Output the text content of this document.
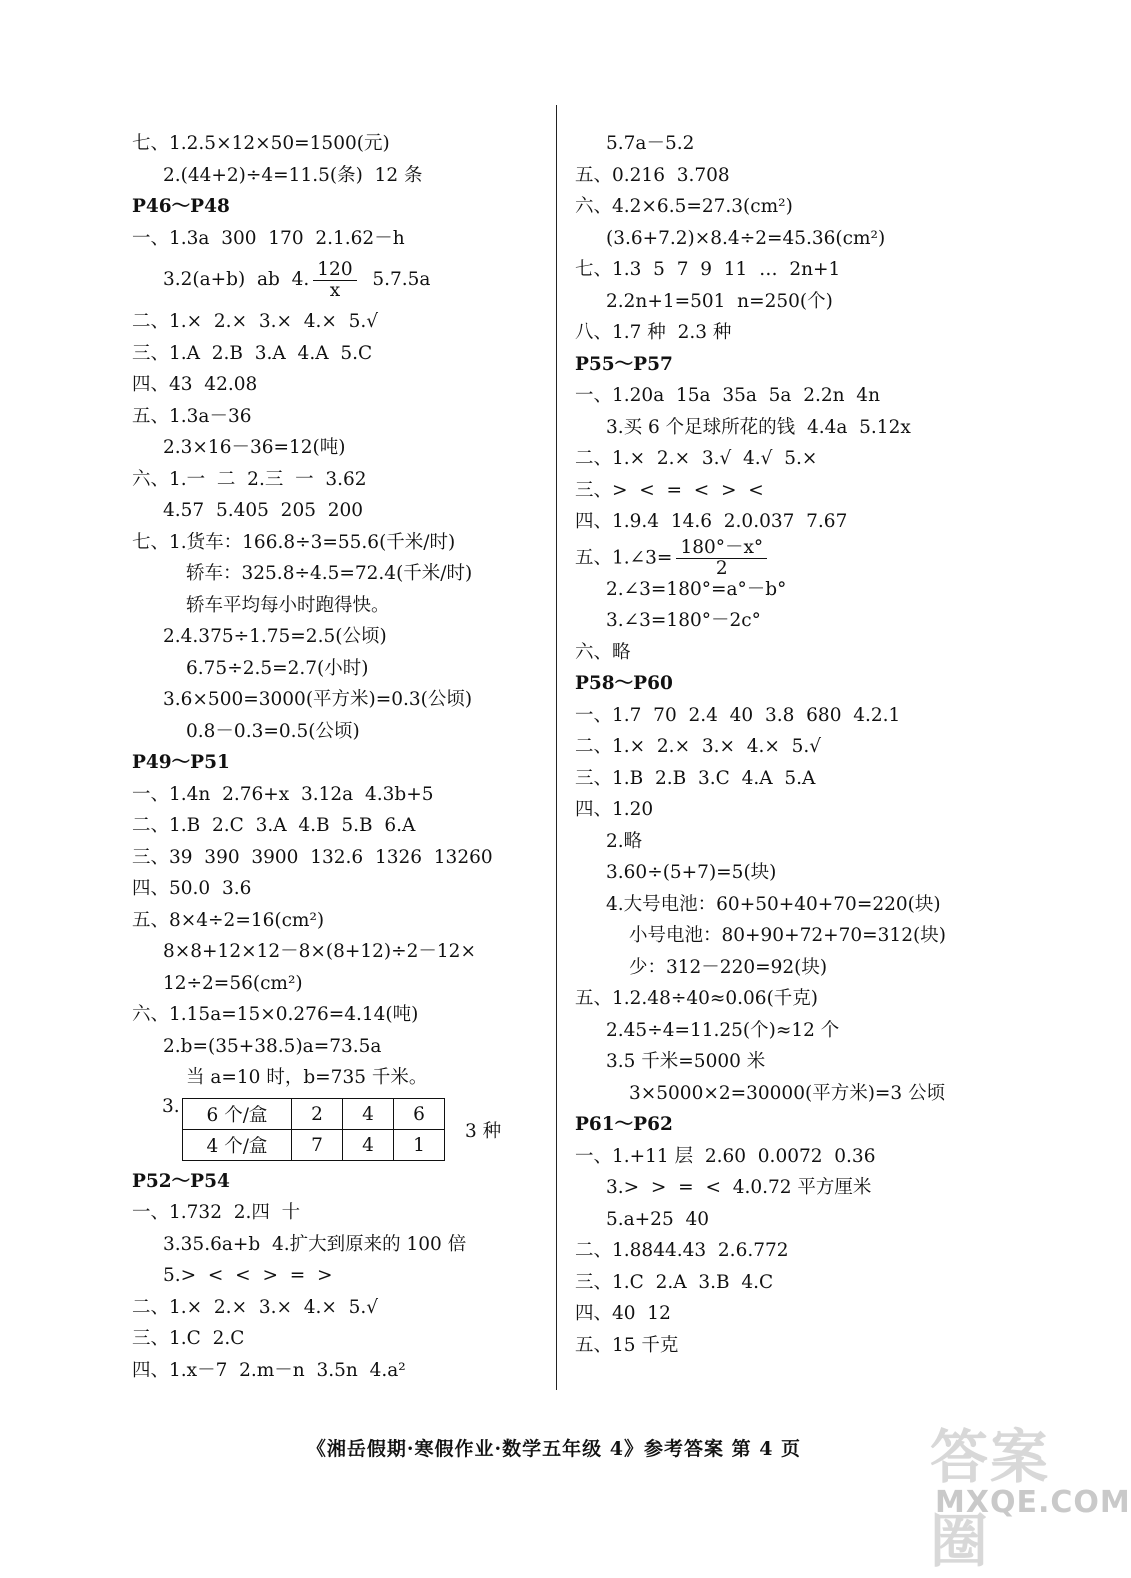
七、1.2.5×12×50=1500(元)
2.(44+2)÷4=11.5(条)  12 条
P46～P48
一、1.3a  300  170  2.1.62－h
3.2(a+b)  ab  4. $\frac{120}{x} 5.7.5a$
二、1.×  2.×  3.×  4.×  5.√
三、1.A  2.B  3.A  4.A  5.C
四、43  42.08
五、1.3a－36
2.3×16－36=12(吨)
六、1.一  二  2.三  一  3.62
4.57  5.405  205  200
七、1.货车：166.8÷3=55.6(千米/时)
轿车：325.8÷4.5=72.4(千米/时)
轿车平均每小时跑得快。
2.4.375÷1.75=2.5(公顷)
6.75÷2.5=2.7(小时)
3.6×500=3000(平方米)=0.3(公顷)
0.8－0.3=0.5(公顷)
P49～P51
一、1.4n  2.76+x  3.12a  4.3b+5
二、1.B  2.C  3.A  4.B  5.B  6.A
三、39  390  3900  132.6  1326  13260
四、50.0  3.6
五、8×4÷2=16(cm²)
8×8+12×12－8×(8+12)÷2－12×
12÷2=56(cm²)
六、1.15a=15×0.276=4.14(吨)
2.b=(35+38.5)a=73.5a
当 a=10 时，b=735 千米。
3. 6 个/盒	2	4	6
4 个/盒	7	4	1
3 种
P52～P54
一、1.732  2.四  十
3.35.6a+b  4.扩大到原来的 100 倍
5.>  <  <  >  =  >
二、1.×  2.×  3.×  4.×  5.√
三、1.C  2.C
四、1.x－7  2.m－n  3.5n  4.a²
5.7a－5.2
五、0.216  3.708
六、4.2×6.5=27.3(cm²)
(3.6+7.2)×8.4÷2=45.36(cm²)
七、1.3  5  7  9  11  …  2n+1
2.2n+1=501  n=250(个)
八、1.7 种  2.3 种
P55～P57
一、1.20a  15a  35a  5a  2.2n  4n
3.买 6 个足球所花的钱  4.4a  5.12x
二、1.×  2.×  3.√  4.√  5.×
三、>  <  =  <  >  <
四、1.9.4  14.6  2.0.037  7.67
五、1.∠3= $\frac{180^\circ-x^\circ}{2}$
2.∠3=180°=a°－b°
3.∠3=180°－2c°
六、略
P58～P60
一、1.7  70  2.4  40  3.8  680  4.2.1
二、1.×  2.×  3.×  4.×  5.√
三、1.B  2.B  3.C  4.A  5.A
四、1.20
2.略
3.60÷(5+7)=5(块)
4.大号电池：60+50+40+70=220(块)
小号电池：80+90+72+70=312(块)
少：312－220=92(块)
五、1.2.48÷40≈0.06(千克)
2.45÷4=11.25(个)≈12 个
3.5 千米=5000 米
3×5000×2=30000(平方米)=3 公顷
P61～P62
一、1.+11 层  2.60  0.0072  0.36
3.>  >  =  <  4.0.72 平方厘米
5.a+25  40
二、1.8844.43  2.6.772
三、1.C  2.A  3.B  4.C
四、40  12
五、15 千克
《湘岳假期·寒假作业·数学五年级 4》参考答案 第 4 页	答案圈
MXQE.COM
